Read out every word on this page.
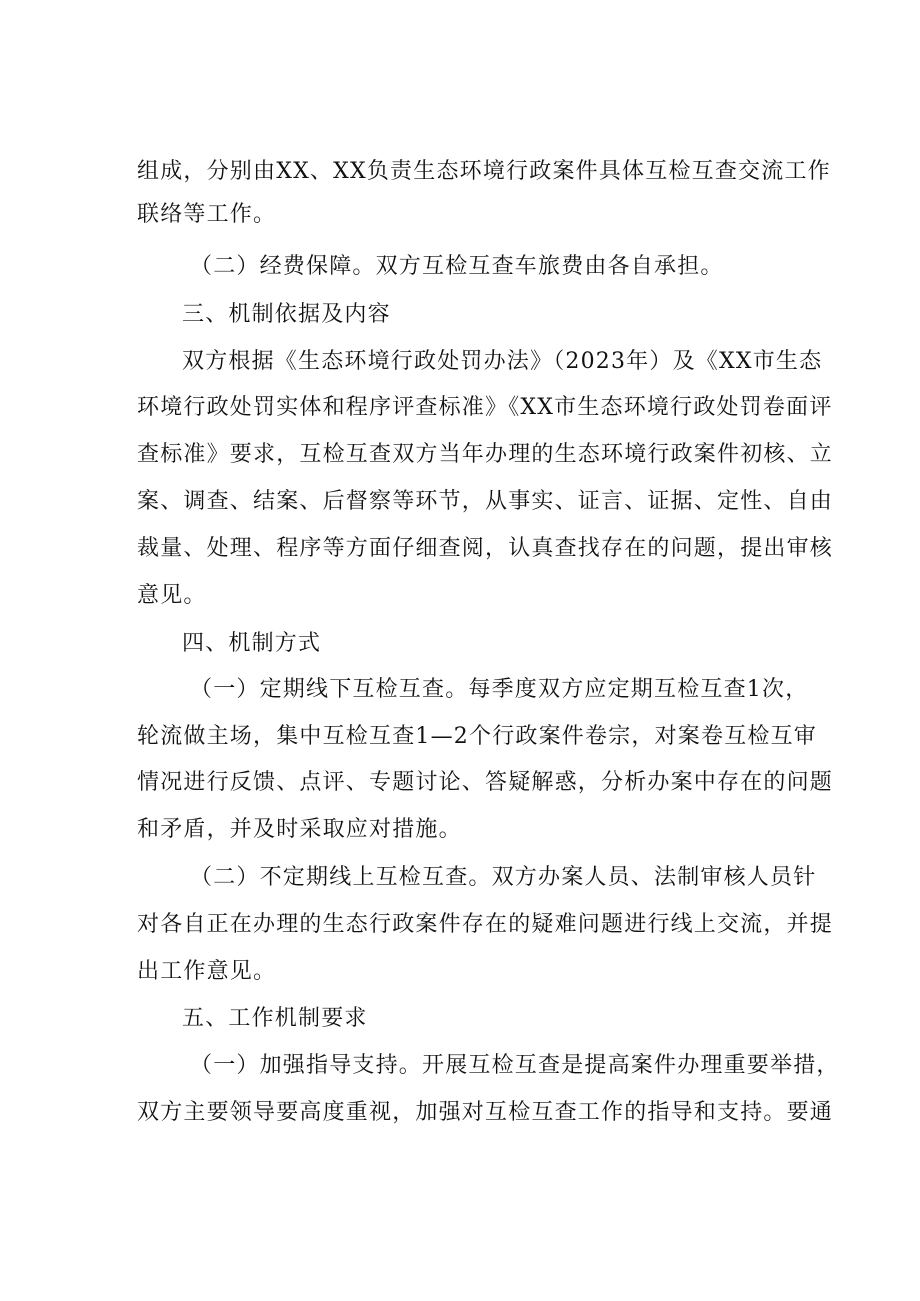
组成，分别由XX、XX负责生态环境行政案件具体互检互查交流工作
联络等工作。
（二）经费保障。双方互检互查车旅费由各自承担。
三、机制依据及内容
双方根据《生态环境行政处罚办法》（2023年）及《XX市生态
环境行政处罚实体和程序评查标准》《XX市生态环境行政处罚卷面评
查标准》要求，互检互查双方当年办理的生态环境行政案件初核、立
案、调查、结案、后督察等环节，从事实、证言、证据、定性、自由
裁量、处理、程序等方面仔细查阅，认真查找存在的问题，提出审核
意见。
四、机制方式
（一）定期线下互检互查。每季度双方应定期互检互查1次，
轮流做主场，集中互检互查1—2个行政案件卷宗，对案卷互检互审
情况进行反馈、点评、专题讨论、答疑解惑，分析办案中存在的问题
和矛盾，并及时采取应对措施。
（二）不定期线上互检互查。双方办案人员、法制审核人员针
对各自正在办理的生态行政案件存在的疑难问题进行线上交流，并提
出工作意见。
五、工作机制要求
（一）加强指导支持。开展互检互查是提高案件办理重要举措，
双方主要领导要高度重视，加强对互检互查工作的指导和支持。要通
